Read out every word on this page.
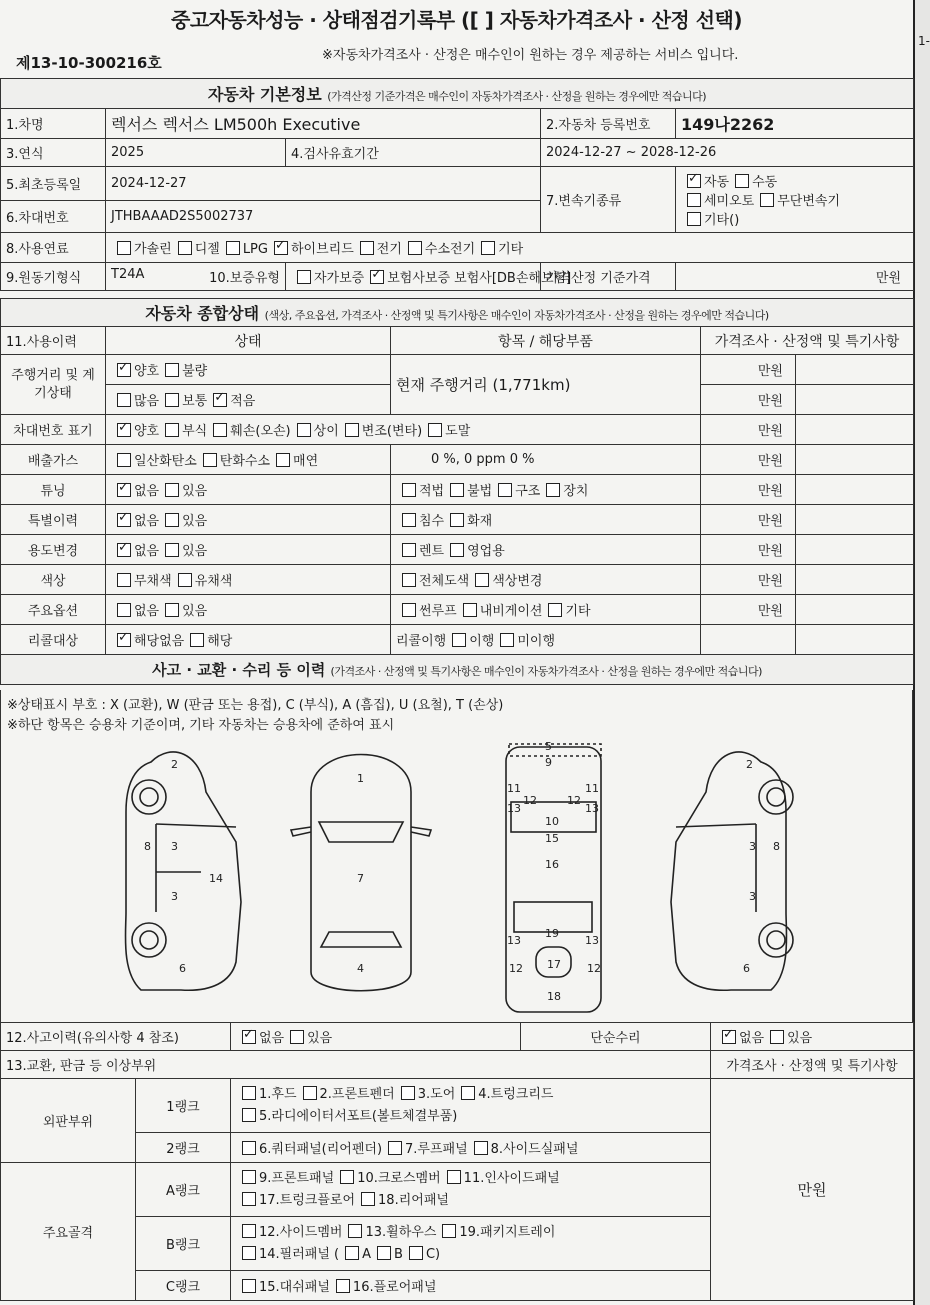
중고자동차성능 · 상태점검기록부 ([ ] 자동차가격조사 · 산정 선택)
제13-10-300216호	※자동차가격조사 · 산정은 매수인이 원하는 경우 제공하는 서비스 입니다.
자동차 기본정보 (가격산정 기준가격은 매수인이 자동차가격조사 · 산정을 원하는 경우에만 적습니다)				
1.차명	렉서스 렉서스 LM500h Executive		2.자동차 등록번호	149나2262
3.연식	2025	4.검사유효기간	2024-12-27 ~ 2028-12-26	
5.최초등록일	2024-12-27		7.변속기종류	✓자동 수동
세미오토 무단변속기
기타()
6.차대번호	JTHBAAAD2S5002737			
8.사용연료	가솔린 디젤 LPG ✓ 하이브리드 전기 수소전기 기타
9.원동기형식	T24A 10.보증유형	자가보증 ✓ 보험사보증 보험사[DB손해보험]	가격산정 기준가격	만원
자동차 종합상태 (색상, 주요옵션, 가격조사 · 산정액 및 특기사항은 매수인이 자동차가격조사 · 산정을 원하는 경우에만 적습니다)				
11.사용이력	상태	항목 / 해당부품	가격조사 · 산정액 및 특기사항	
주행거리 및 계기상태	✓양호 불량	현재 주행거리 (1,771km)	만원	
	많음 보통 ✓ 적음		만원	
차대번호 표기	✓양호 부식 훼손(오손) 상이 변조(변타) 도말		만원	
배출가스	일산화탄소 탄화수소 매연	0 %, 0 ppm 0 %	만원	
튜닝	✓없음 있음	적법 불법 구조 장치	만원	
특별이력	✓없음 있음	침수 화재	만원	
용도변경	✓없음 있음	렌트 영업용	만원	
색상	무채색 유채색	전체도색 색상변경	만원	
주요옵션	없음 있음	썬루프 내비게이션 기타	만원	
리콜대상	✓해당없음 해당	리콜이행 이행 미이행		
사고 · 교환 · 수리 등 이력 (가격조사 · 산정액 및 특기사항은 매수인이 자동차가격조사 · 산정을 원하는 경우에만 적습니다)				
※상태표시 부호 : X (교환), W (판금 또는 용접), C (부식), A (흠집), U (요철), T (손상)
※하단 항목은 승용차 기준이며, 기타 자동차는 승용차에 준하여 표시
2
3
8
3
14
6
1
7
4
5
9
11	11
12	12
13	13
10
15
16
13	13
19
12 17 12
18
2
3 8
3
6
12.사고이력(유의사항 4 참조)	✓없음 있음	단순수리	✓없음 있음
13.교환, 판금 등 이상부위				가격조사 · 산정액 및 특기사항
외판부위	1랭크	1.후드 2.프론트펜더 3.도어 4.트렁크리드
5.라디에이터서포트(볼트체결부품)		만원
	2랭크	6.쿼터패널(리어펜더) 7.루프패널 8.사이드실패널		
주요골격	A랭크	9.프론트패널 10.크로스멤버 11.인사이드패널
17.트렁크플로어 18.리어패널		

	B랭크	12.사이드멤버 13.휠하우스 19.패키지트레이
14.필러패널 ( A B C)		

	C랭크	15.대쉬패널 16.플로어패널		
1-
